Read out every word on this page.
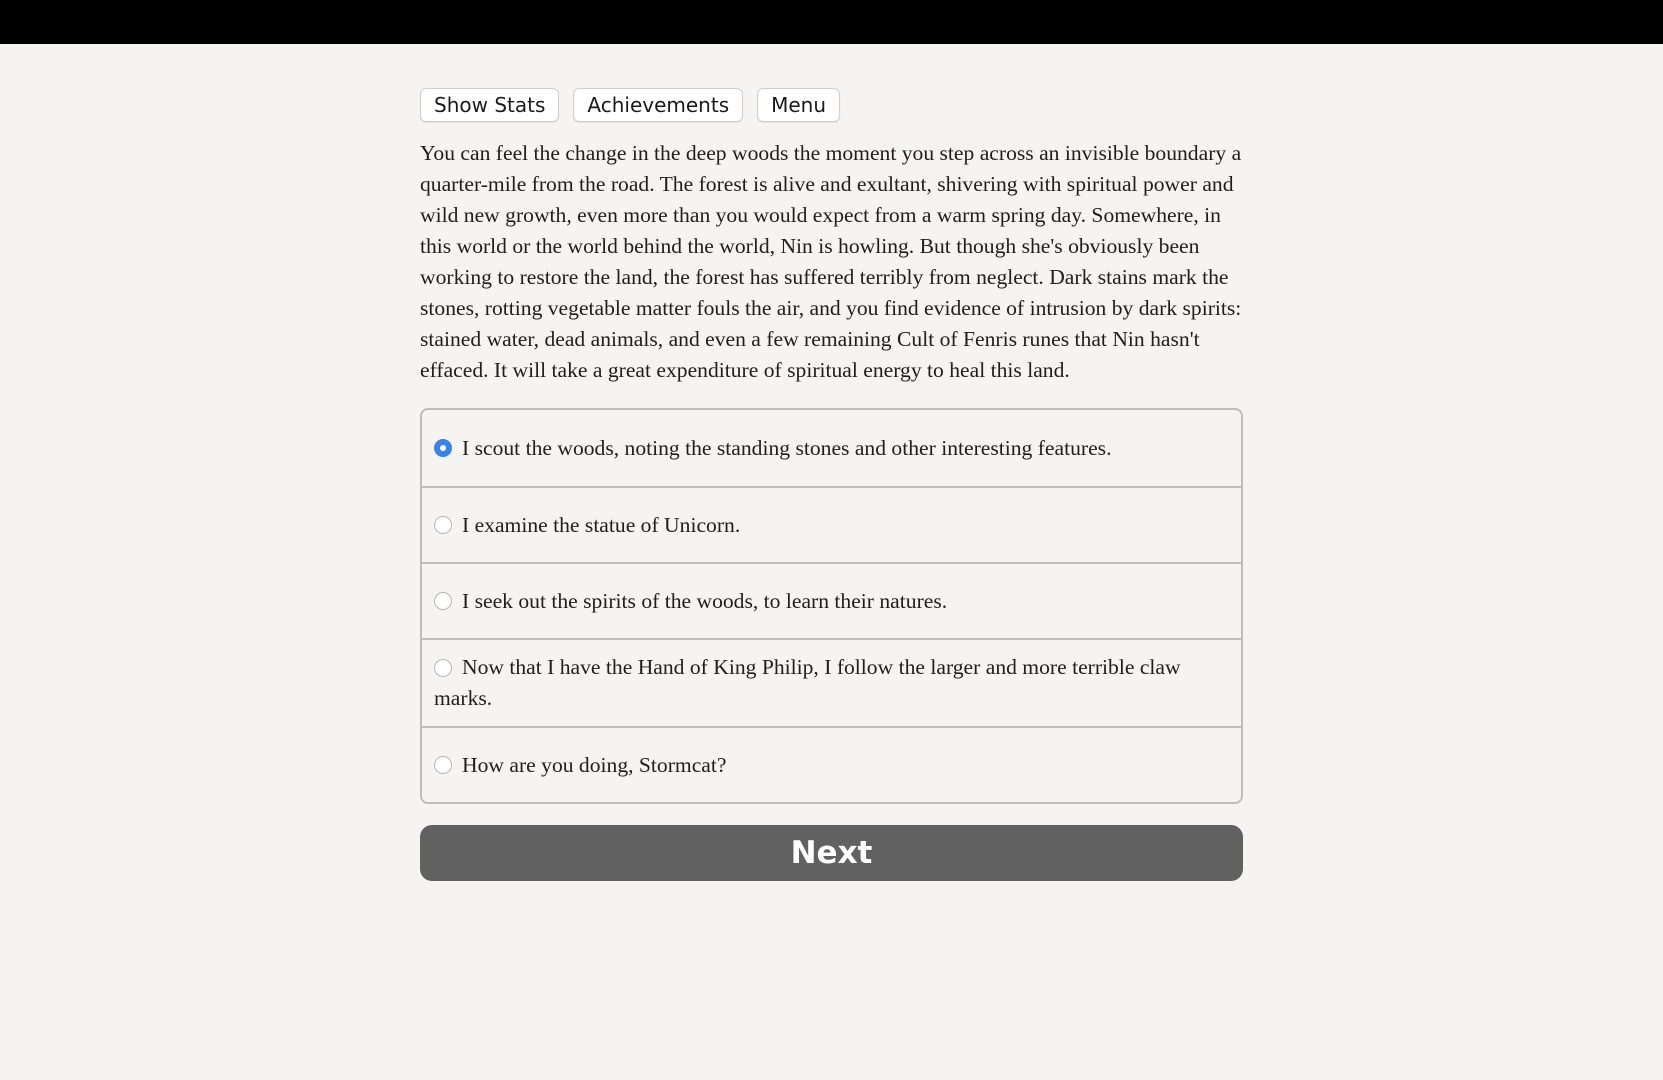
Show Stats	Achievements	Menu

You can feel the change in the deep woods the moment you step across an invisible boundary a quarter-mile from the road. The forest is alive and exultant, shivering with spiritual power and wild new growth, even more than you would expect from a warm spring day. Somewhere, in this world or the world behind the world, Nin is howling. But though she's obviously been working to restore the land, the forest has suffered terribly from neglect. Dark stains mark the stones, rotting vegetable matter fouls the air, and you find evidence of intrusion by dark spirits: stained water, dead animals, and even a few remaining Cult of Fenris runes that Nin hasn't effaced. It will take a great expenditure of spiritual energy to heal this land.

I scout the woods, noting the standing stones and other interesting features.
I examine the statue of Unicorn.
I seek out the spirits of the woods, to learn their natures.
Now that I have the Hand of King Philip, I follow the larger and more terrible claw marks.
How are you doing, Stormcat?
Next
